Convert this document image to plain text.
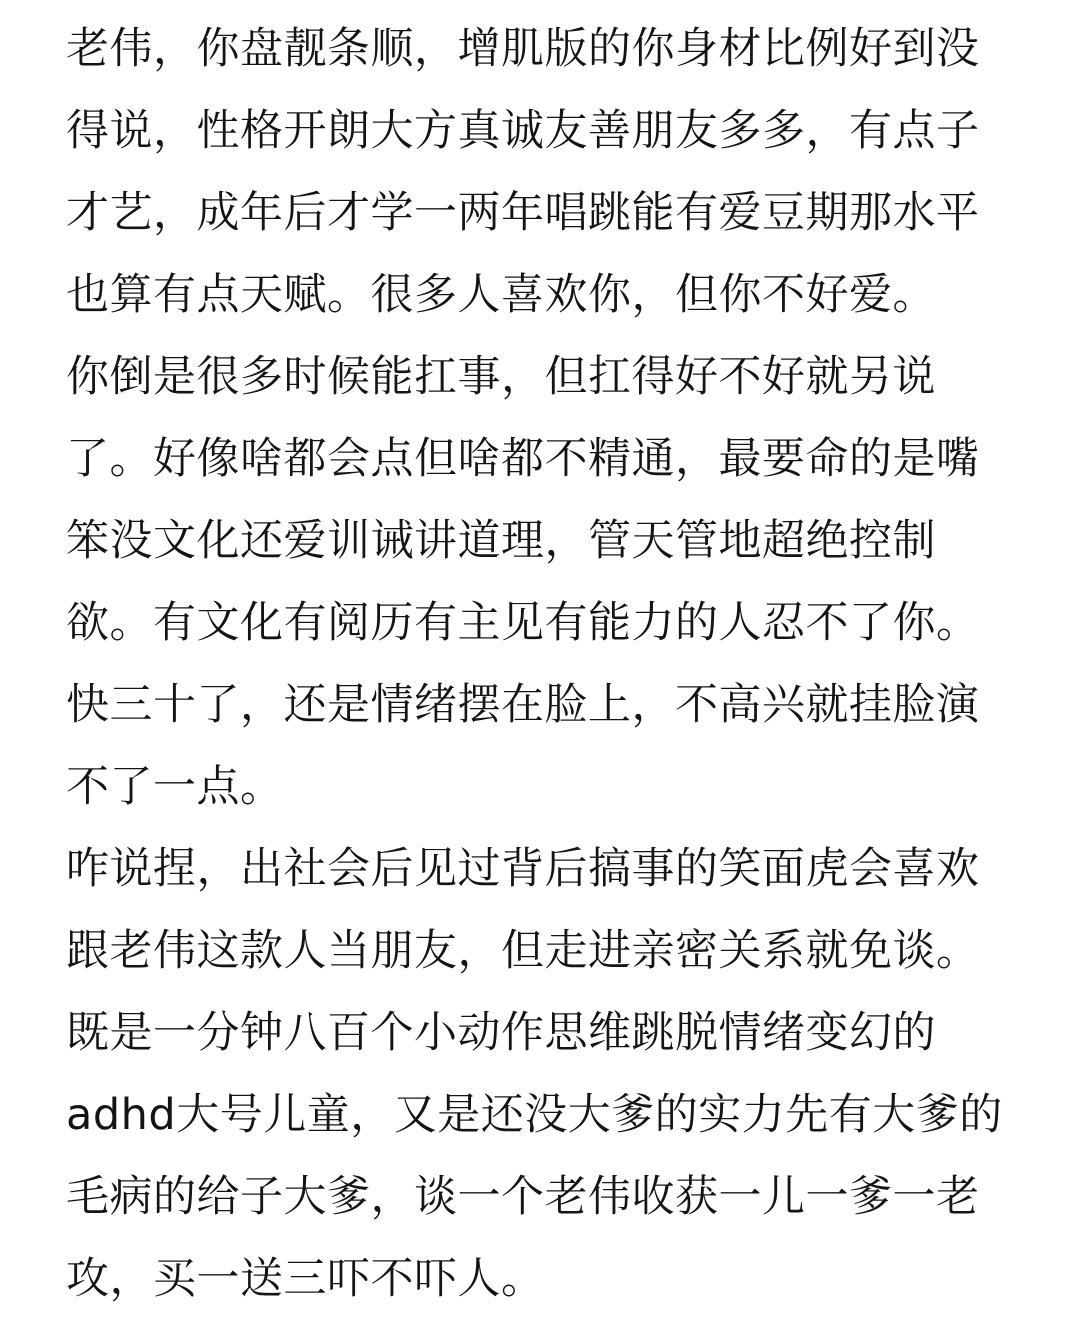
老伟，你盘靓条顺，增肌版的你身材比例好到没
得说，性格开朗大方真诚友善朋友多多，有点子
才艺，成年后才学一两年唱跳能有爱豆期那水平
也算有点天赋。很多人喜欢你，但你不好爱。
你倒是很多时候能扛事，但扛得好不好就另说
了。好像啥都会点但啥都不精通，最要命的是嘴
笨没文化还爱训诫讲道理，管天管地超绝控制
欲。有文化有阅历有主见有能力的人忍不了你。
快三十了，还是情绪摆在脸上，不高兴就挂脸演
不了一点。
咋说捏，出社会后见过背后搞事的笑面虎会喜欢
跟老伟这款人当朋友，但走进亲密关系就免谈。
既是一分钟八百个小动作思维跳脱情绪变幻的
adhd大号儿童，又是还没大爹的实力先有大爹的
毛病的给子大爹，谈一个老伟收获一儿一爹一老
攻，买一送三吓不吓人。
